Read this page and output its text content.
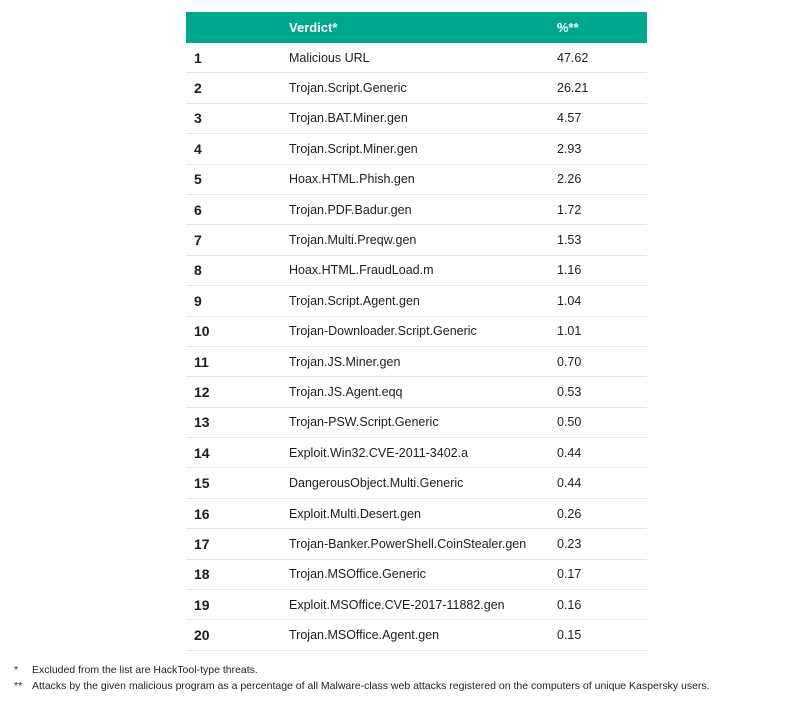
	Verdict*	%**
1	Malicious URL	47.62
2	Trojan.Script.Generic	26.21
3	Trojan.BAT.Miner.gen	4.57
4	Trojan.Script.Miner.gen	2.93
5	Hoax.HTML.Phish.gen	2.26
6	Trojan.PDF.Badur.gen	1.72
7	Trojan.Multi.Preqw.gen	1.53
8	Hoax.HTML.FraudLoad.m	1.16
9	Trojan.Script.Agent.gen	1.04
10	Trojan-Downloader.Script.Generic	1.01
11	Trojan.JS.Miner.gen	0.70
12	Trojan.JS.Agent.eqq	0.53
13	Trojan-PSW.Script.Generic	0.50
14	Exploit.Win32.CVE-2011-3402.a	0.44
15	DangerousObject.Multi.Generic	0.44
16	Exploit.Multi.Desert.gen	0.26
17	Trojan-Banker.PowerShell.CoinStealer.gen	0.23
18	Trojan.MSOffice.Generic	0.17
19	Exploit.MSOffice.CVE-2017-11882.gen	0.16
20	Trojan.MSOffice.Agent.gen	0.15
*	Excluded from the list are HackTool-type threats.
** Attacks by the given malicious program as a percentage of all Malware-class web attacks registered on the computers of unique Kaspersky users.
